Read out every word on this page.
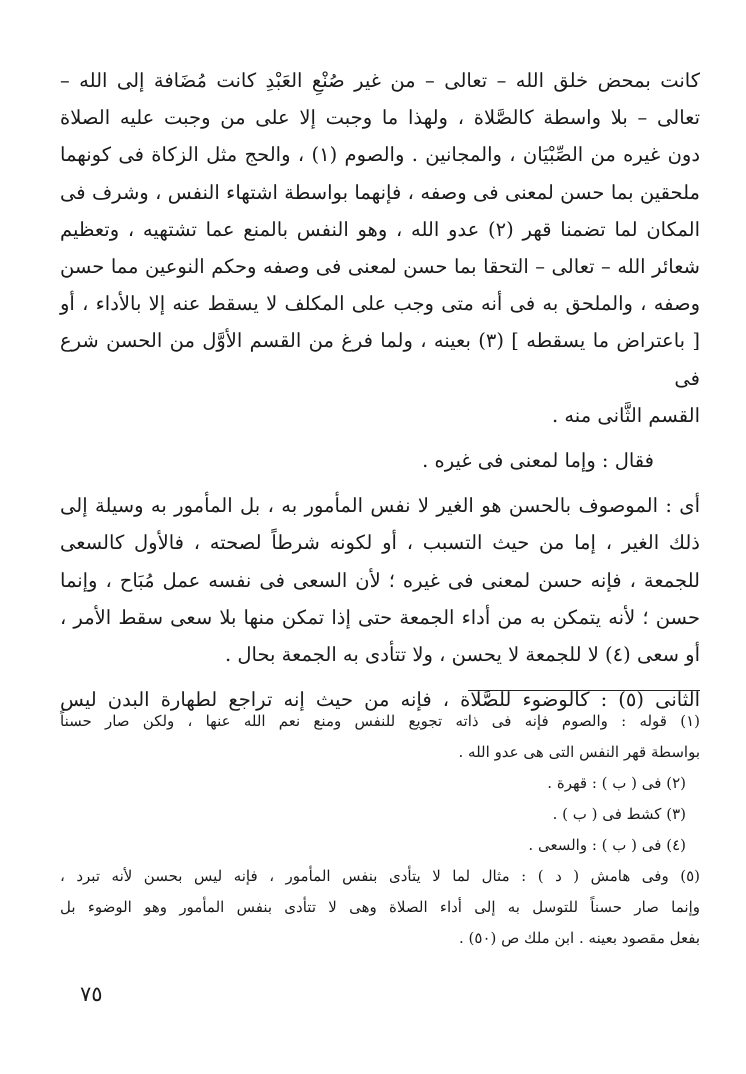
كانت بمحض خلق الله – تعالى – من غير صُنْعِ العَبْدِ كانت مُضَافة إلى الله –

تعالى – بلا واسطة كالصَّلاة ، ولهذا ما وجبت إلا على من وجبت عليه الصلاة

دون غيره من الصِّبْيَان ، والمجانين . والصوم (١) ، والحج مثل الزكاة فى كونهما

ملحقين بما حسن لمعنى فى وصفه ، فإنهما بواسطة اشتهاء النفس ، وشرف فى

المكان لما تضمنا قهر (٢) عدو الله ، وهو النفس بالمنع عما تشتهيه ، وتعظيم

شعائر الله – تعالى – التحقا بما حسن لمعنى فى وصفه وحكم النوعين مما حسن

وصفه ، والملحق به فى أنه متى وجب على المكلف لا يسقط عنه إلا بالأداء ، أو

[ باعتراض ما يسقطه ] (٣) بعينه ، ولما فرغ من القسم الأوَّل من الحسن شرع فى

القسم الثَّانى منه .

فقال : وإما لمعنى فى غيره .

أى : الموصوف بالحسن هو الغير لا نفس المأمور به ، بل المأمور به وسيلة إلى

ذلك الغير ، إما من حيث التسبب ، أو لكونه شرطاً لصحته ، فالأول كالسعى

للجمعة ، فإنه حسن لمعنى فى غيره ؛ لأن السعى فى نفسه عمل مُبَاح ، وإنما

حسن ؛ لأنه يتمكن به من أداء الجمعة حتى إذا تمكن منها بلا سعى سقط الأمر ،

أو سعى (٤) لا للجمعة لا يحسن ، ولا تتأدى به الجمعة بحال .

الثانى (٥) : كالوضوء للصَّلاة ، فإنه من حيث إنه تراجع لطهارة البدن ليس

(١) قوله : والصوم فإنه فى ذاته تجويع للنفس ومنع نعم الله عنها ، ولكن صار حسناً

بواسطة قهر النفس التى هى عدو الله .

(٢) فى ( ب ) : قهرة .

(٣) كشط فى ( ب ) .

(٤) فى ( ب ) : والسعى .

(٥) وفى هامش ( د ) : مثال لما لا يتأدى بنفس المأمور ، فإنه ليس بحسن لأنه تبرد ،

وإنما صار حسناً للتوسل به إلى أداء الصلاة وهى لا تتأدى بنفس المأمور وهو الوضوء بل

بفعل مقصود بعينه . ابن ملك ص (٥٠) .

٧٥
